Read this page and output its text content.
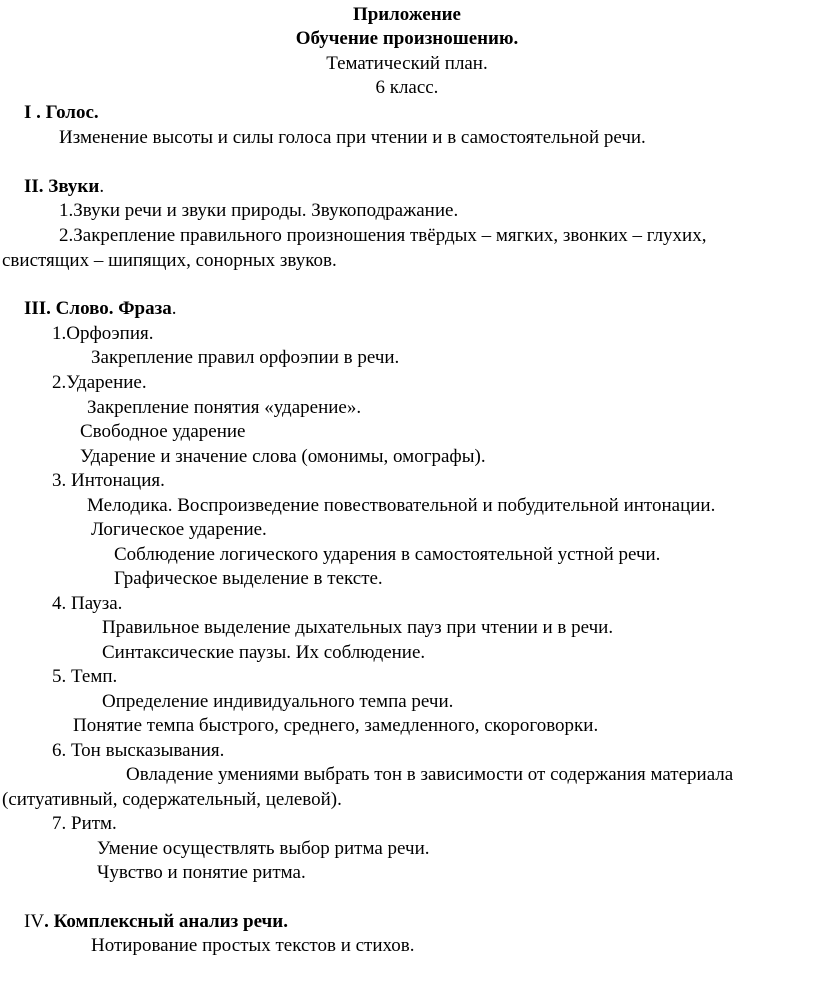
Приложение
Обучение произношению.
Тематический план.
6 класс.
I . Голос.
Изменение высоты и силы голоса при чтении и в самостоятельной речи.
II. Звуки.
1.Звуки речи и звуки природы. Звукоподражание.
2.Закрепление правильного произношения твёрдых – мягких, звонких – глухих,
свистящих – шипящих, сонорных звуков.
III. Слово. Фраза.
1.Орфоэпия.
Закрепление правил орфоэпии в речи.
2.Ударение.
Закрепление понятия «ударение».
Свободное ударение
Ударение и значение слова (омонимы, омографы).
3. Интонация.
Мелодика. Воспроизведение повествовательной и побудительной интонации.
Логическое ударение.
Соблюдение логического ударения в самостоятельной устной речи.
Графическое выделение в тексте.
4. Пауза.
Правильное выделение дыхательных пауз при чтении и в речи.
Синтаксические паузы. Их соблюдение.
5. Темп.
Определение индивидуального темпа речи.
Понятие темпа быстрого, среднего, замедленного, скороговорки.
6. Тон высказывания.
Овладение умениями выбрать тон в зависимости от содержания материала
(ситуативный, содержательный, целевой).
7. Ритм.
Умение осуществлять выбор ритма речи.
Чувство и понятие ритма.
IV. Комплексный анализ речи.
Нотирование простых текстов и стихов.
